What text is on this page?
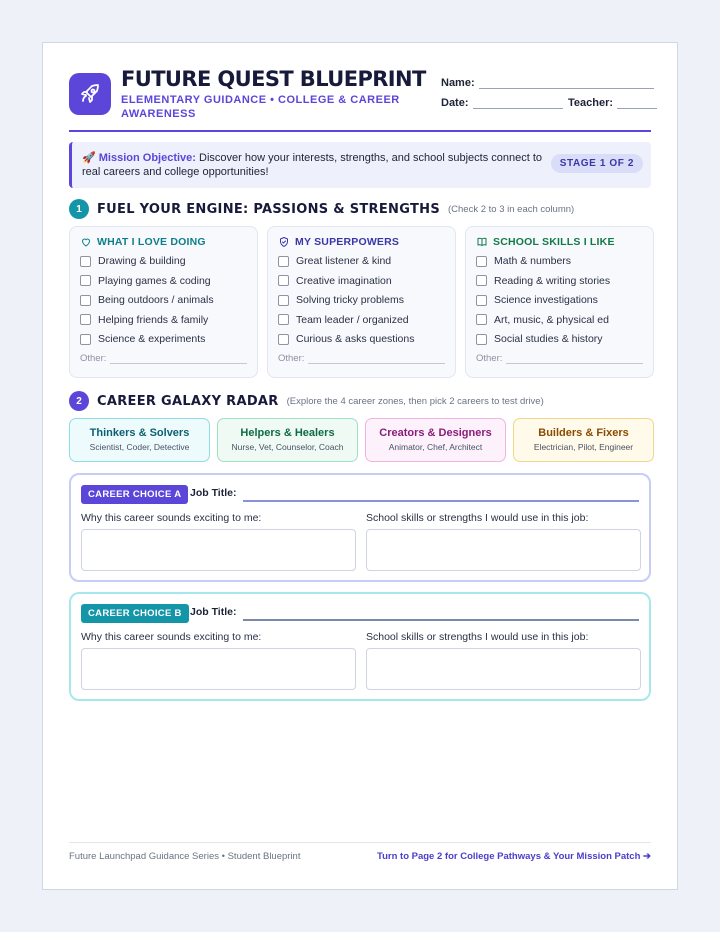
FUTURE QUEST BLUEPRINT
ELEMENTARY GUIDANCE • COLLEGE & CAREER AWARENESS
Name:
Date:	Teacher:
🚀 Mission Objective: Discover how your interests, strengths, and school subjects connect to real careers and college opportunities!
STAGE 1 OF 2
1	FUEL YOUR ENGINE: PASSIONS & STRENGTHS (Check 2 to 3 in each column)
WHAT I LOVE DOING
Drawing & building
Playing games & coding
Being outdoors / animals
Helping friends & family
Science & experiments
Other:
MY SUPERPOWERS
Great listener & kind
Creative imagination
Solving tricky problems
Team leader / organized
Curious & asks questions
Other:
SCHOOL SKILLS I LIKE
Math & numbers
Reading & writing stories
Science investigations
Art, music, & physical ed
Social studies & history
Other:
2	CAREER GALAXY RADAR (Explore the 4 career zones, then pick 2 careers to test drive)
Thinkers & Solvers
Scientist, Coder, Detective
Helpers & Healers
Nurse, Vet, Counselor, Coach
Creators & Designers
Animator, Chef, Architect
Builders & Fixers
Electrician, Pilot, Engineer
CAREER CHOICE A Job Title:
Why this career sounds exciting to me:	School skills or strengths I would use in this job:
CAREER CHOICE B Job Title:
Why this career sounds exciting to me:	School skills or strengths I would use in this job:
Future Launchpad Guidance Series • Student Blueprint	Turn to Page 2 for College Pathways & Your Mission Patch ➔
